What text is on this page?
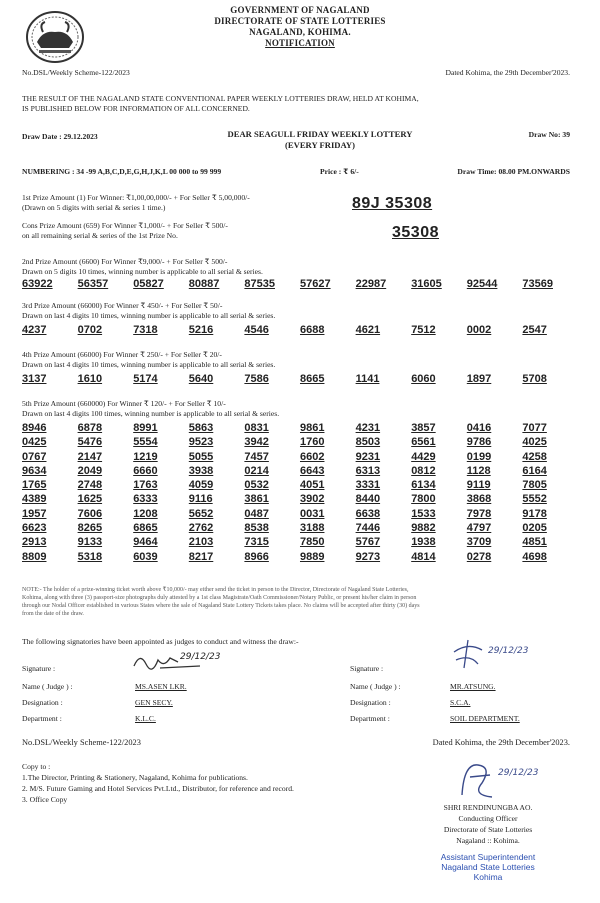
GOVERNMENT OF NAGALAND
DIRECTORATE OF STATE LOTTERIES
NAGALAND, KOHIMA.
NOTIFICATION
No.DSL/Weekly Scheme-122/2023	Dated Kohima, the 29th December'2023.
THE RESULT OF THE NAGALAND STATE CONVENTIONAL PAPER WEEKLY LOTTERIES DRAW, HELD AT KOHIMA,
IS PUBLISHED BELOW FOR INFORMATION OF ALL CONCERNED.
Draw Date : 29.12.2023	DEAR SEAGULL FRIDAY WEEKLY LOTTERY
(EVERY FRIDAY)
Draw No: 39
NUMBERING : 34 -99 A,B,C,D,E,G,H,J,K,L 00 000 to 99 999	Price : ₹ 6/-	Draw Time: 08.00 PM.ONWARDS
1st Prize Amount (1) For Winner: ₹1,00,00,000/- + For Seller ₹ 5,00,000/-
(Drawn on 5 digits with serial & series 1 time.)	89J 35308
Cons Prize Amount (659) For Winner ₹1,000/- + For Seller ₹ 500/-
on all remaining serial & series of the 1st Prize No.	35308
2nd Prize Amount (6600) For Winner ₹9,000/- + For Seller ₹ 500/-
Drawn on 5 digits 10 times, winning number is applicable to all serial & series.
63922	56357	05827	80887	87535	57627	22987	31605	92544	73569
3rd Prize Amount (66000) For Winner ₹ 450/- + For Seller ₹ 50/-
Drawn on last 4 digits 10 times, winning number is applicable to all serial & series.
4237	0702	7318	5216	4546	6688	4621	7512	0002	2547
4th Prize Amount (66000) For Winner ₹ 250/- + For Seller ₹ 20/-
Drawn on last 4 digits 10 times, winning number is applicable to all serial & series.
3137	1610	5174	5640	7586	8665	1141	6060	1897	5708
5th Prize Amount (660000) For Winner ₹ 120/- + For Seller ₹ 10/-
Drawn on last 4 digits 100 times, winning number is applicable to all serial & series.
8946	6878	8991	5863	0831	9861	4231	3857	0416	7077
0425	5476	5554	9523	3942	1760	8503	6561	9786	4025
0767	2147	1219	5055	7457	6602	9231	4429	0199	4258
9634	2049	6660	3938	0214	6643	6313	0812	1128	6164
1765	2748	1763	4059	0532	4051	3331	6134	9119	7805
4389	1625	6333	9116	3861	3902	8440	7800	3868	5552
1957	7606	1208	5652	0487	0031	6638	1533	7978	9178
6623	8265	6865	2762	8538	3188	7446	9882	4797	0205
2913	9133	9464	2103	7315	7850	5767	1938	3709	4851
8809	5318	6039	8217	8966	9889	9273	4814	0278	4698
NOTE:- The holder of a prize-winning ticket worth above ₹10,000/- may either send the ticket in person to the Director, Directorate of Nagaland State Lotteries,
Kohima, along with three (3) passport-size photographs duly attested by a 1st class Magistrate/Oath Commissioner/Notary Public, or present his/her claim in person
through our Nodal Officer established in various States where the sale of Nagaland State Lottery Tickets takes place. No claims will be accepted after thirty (30) days
from the date of the draw.
The following signatories have been appointed as judges to conduct and witness the draw:-
Signature :
29/12/23
Name ( Judge ) :	MS.ASEN LKR.
Designation :	GEN SECY.
Department :	K.L.C.
Signature :
29/12/23
Name ( Judge ) :	MR.ATSUNG.
Designation :	S.C.A.
Department :	SOIL DEPARTMENT.
No.DSL/Weekly Scheme-122/2023	Dated Kohima, the 29th December'2023.
Copy to :
1.The Director, Printing & Stationery, Nagaland, Kohima for publications.
2. M/S. Future Gaming and Hotel Services Pvt.Ltd., Distributor, for reference and record.
3. Office Copy
29/12/23
SHRI RENDINUNGBA AO.
Conducting Officer
Directorate of State Lotteries
Nagaland :: Kohima.
Assistant Superintendent
Nagaland State Lotteries
Kohima
